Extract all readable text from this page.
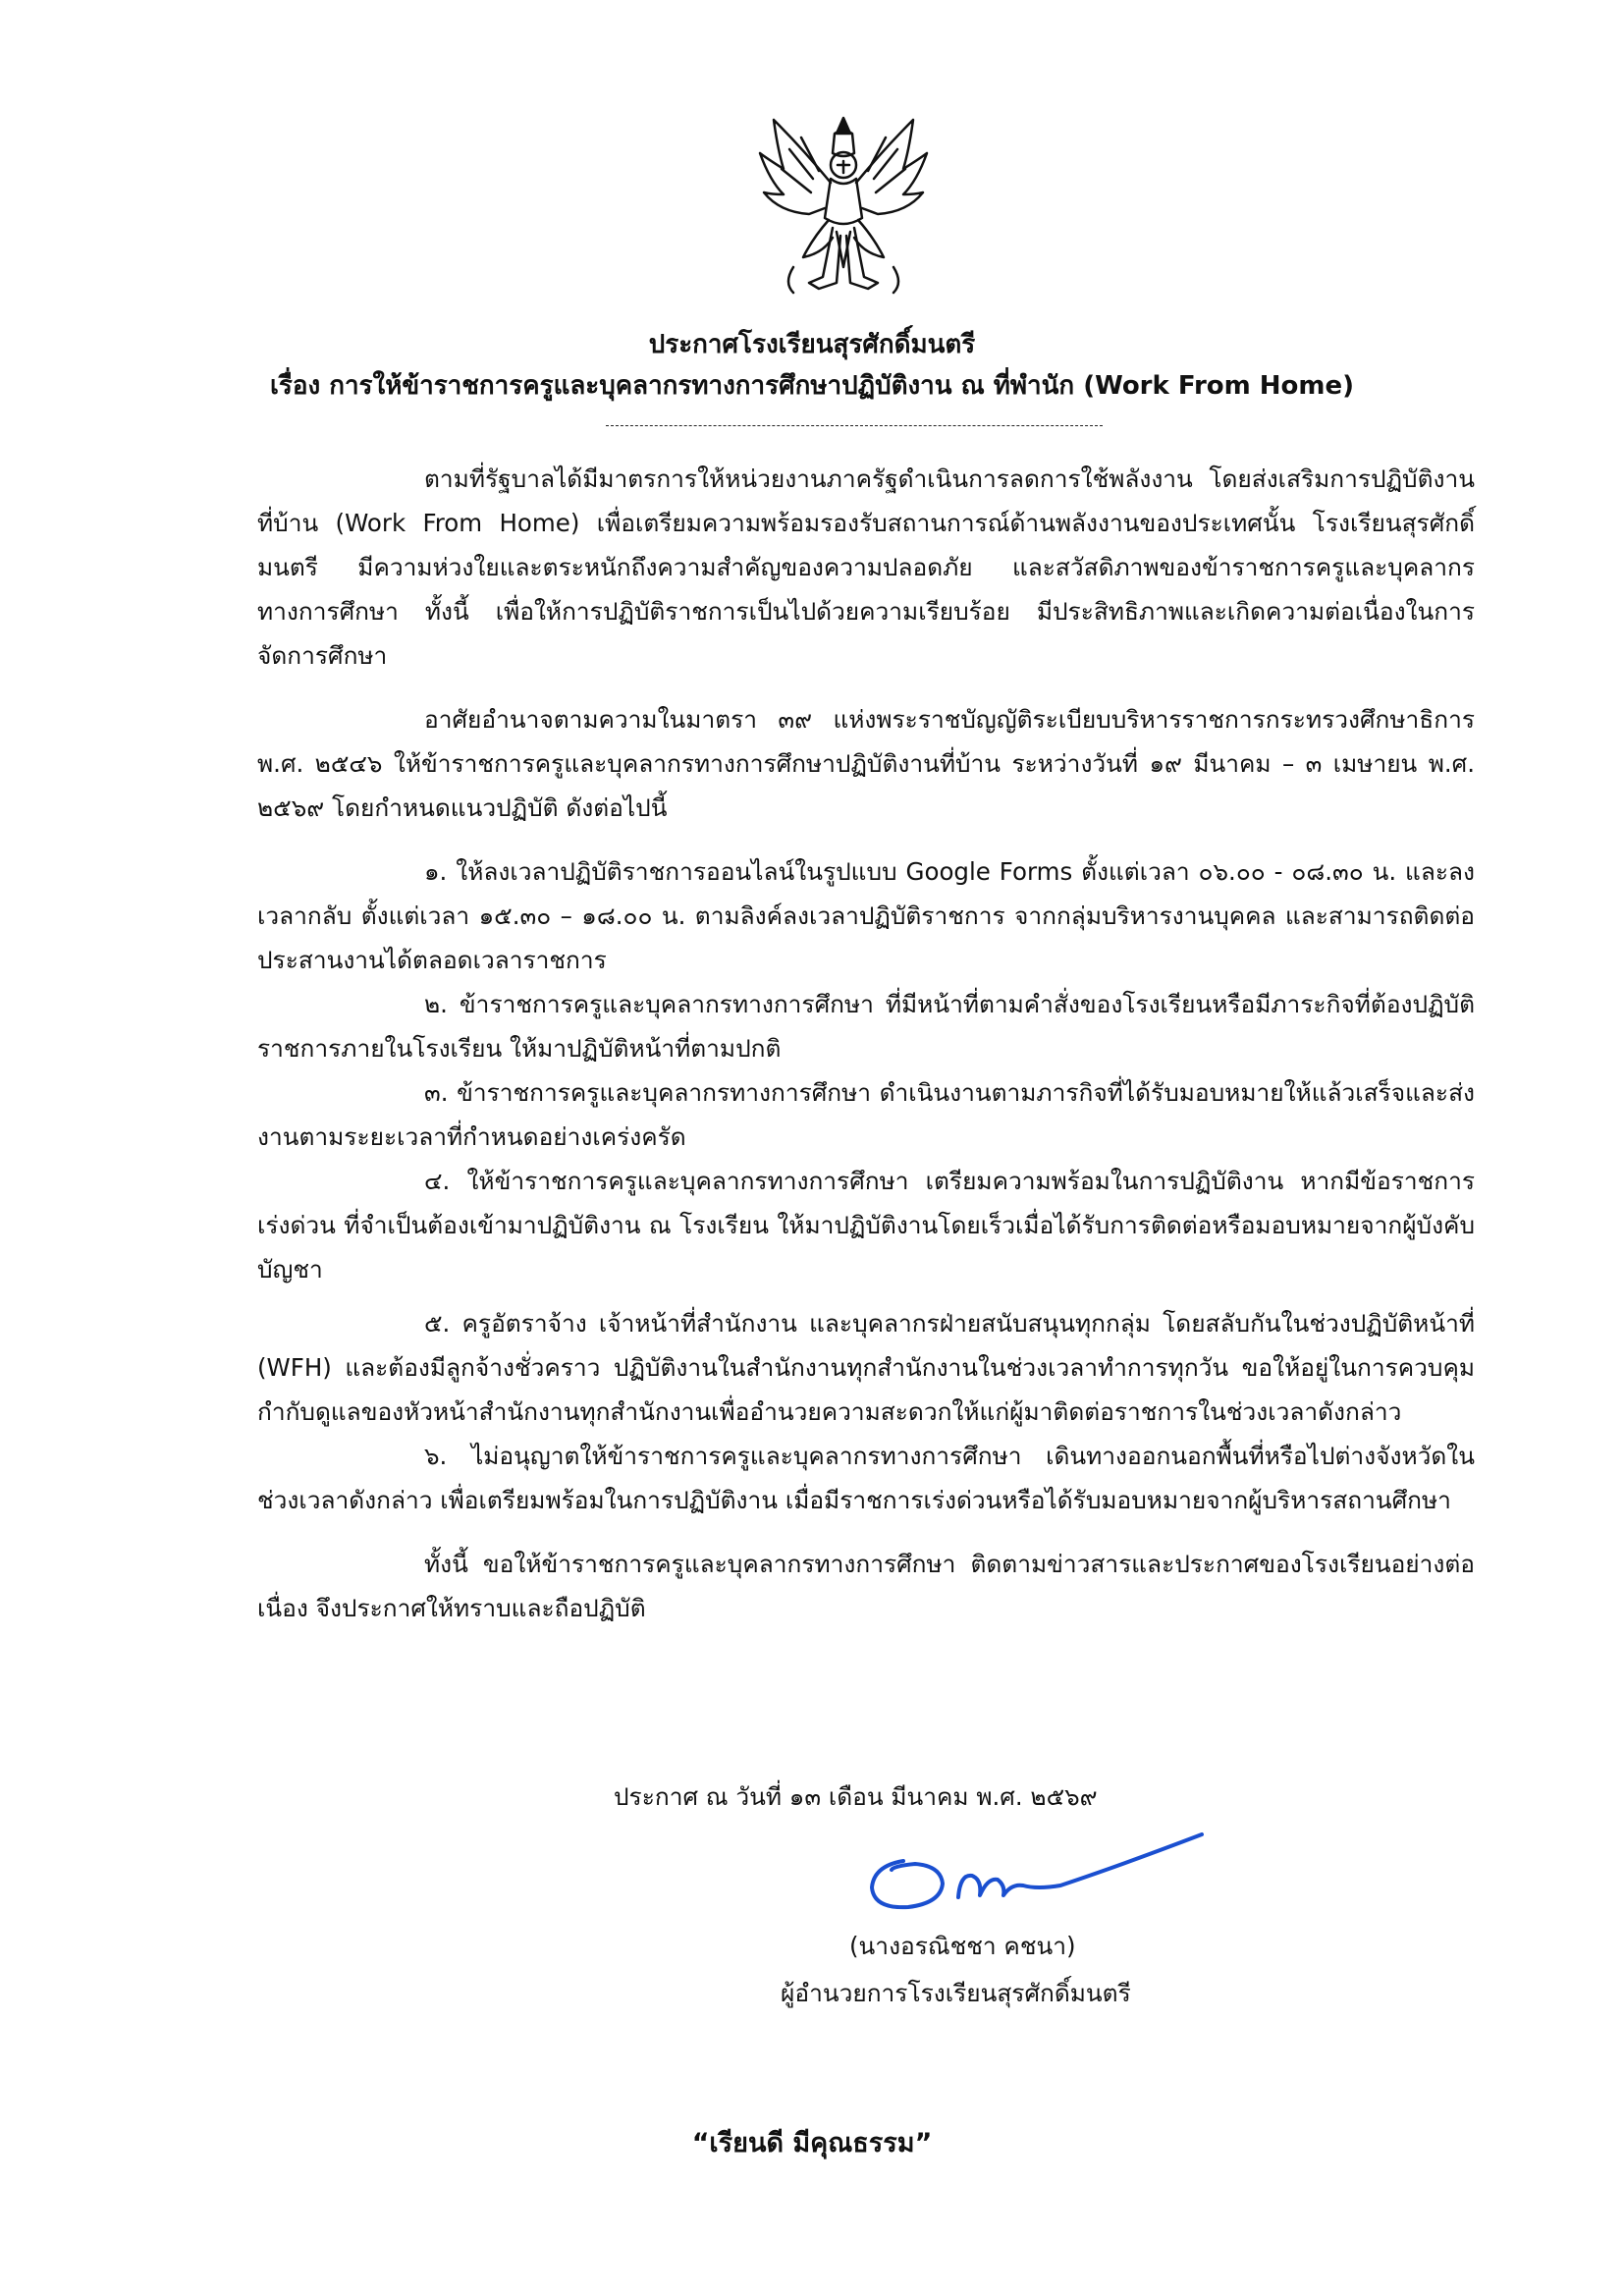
ประกาศโรงเรียนสุรศักดิ์มนตรี
เรื่อง การให้ข้าราชการครูและบุคลากรทางการศึกษาปฏิบัติงาน ณ ที่พำนัก (Work From Home)

ตามที่รัฐบาลได้มีมาตรการให้หน่วยงานภาครัฐดำเนินการลดการใช้พลังงาน โดยส่งเสริมการปฏิบัติงานที่บ้าน (Work From Home) เพื่อเตรียมความพร้อมรองรับสถานการณ์ด้านพลังงานของประเทศนั้น โรงเรียนสุรศักดิ์มนตรี มีความห่วงใยและตระหนักถึงความสำคัญของความปลอดภัย และสวัสดิภาพของข้าราชการครูและบุคลากรทางการศึกษา ทั้งนี้ เพื่อให้การปฏิบัติราชการเป็นไปด้วยความเรียบร้อย มีประสิทธิภาพและเกิดความต่อเนื่องในการจัดการศึกษา

อาศัยอำนาจตามความในมาตรา ๓๙ แห่งพระราชบัญญัติระเบียบบริหารราชการกระทรวงศึกษาธิการ พ.ศ. ๒๕๔๖ ให้ข้าราชการครูและบุคลากรทางการศึกษาปฏิบัติงานที่บ้าน ระหว่างวันที่ ๑๙ มีนาคม – ๓ เมษายน พ.ศ. ๒๕๖๙ โดยกำหนดแนวปฏิบัติ ดังต่อไปนี้

๑. ให้ลงเวลาปฏิบัติราชการออนไลน์ในรูปแบบ Google Forms ตั้งแต่เวลา ๐๖.๐๐ - ๐๘.๓๐ น. และลงเวลากลับ ตั้งแต่เวลา ๑๕.๓๐ – ๑๘.๐๐ น. ตามลิงค์ลงเวลาปฏิบัติราชการ จากกลุ่มบริหารงานบุคคล และสามารถติดต่อประสานงานได้ตลอดเวลาราชการ

๒. ข้าราชการครูและบุคลากรทางการศึกษา ที่มีหน้าที่ตามคำสั่งของโรงเรียนหรือมีภาระกิจที่ต้องปฏิบัติราชการภายในโรงเรียน ให้มาปฏิบัติหน้าที่ตามปกติ

๓. ข้าราชการครูและบุคลากรทางการศึกษา ดำเนินงานตามภารกิจที่ได้รับมอบหมายให้แล้วเสร็จและส่งงานตามระยะเวลาที่กำหนดอย่างเคร่งครัด

๔. ให้ข้าราชการครูและบุคลากรทางการศึกษา เตรียมความพร้อมในการปฏิบัติงาน หากมีข้อราชการเร่งด่วน ที่จำเป็นต้องเข้ามาปฏิบัติงาน ณ โรงเรียน ให้มาปฏิบัติงานโดยเร็วเมื่อได้รับการติดต่อหรือมอบหมายจากผู้บังคับบัญชา

๕. ครูอัตราจ้าง เจ้าหน้าที่สำนักงาน และบุคลากรฝ่ายสนับสนุนทุกกลุ่ม โดยสลับกันในช่วงปฏิบัติหน้าที่ (WFH) และต้องมีลูกจ้างชั่วคราว ปฏิบัติงานในสำนักงานทุกสำนักงานในช่วงเวลาทำการทุกวัน ขอให้อยู่ในการควบคุมกำกับดูแลของหัวหน้าสำนักงานทุกสำนักงานเพื่ออำนวยความสะดวกให้แก่ผู้มาติดต่อราชการในช่วงเวลาดังกล่าว

๖. ไม่อนุญาตให้ข้าราชการครูและบุคลากรทางการศึกษา เดินทางออกนอกพื้นที่หรือไปต่างจังหวัดในช่วงเวลาดังกล่าว เพื่อเตรียมพร้อมในการปฏิบัติงาน เมื่อมีราชการเร่งด่วนหรือได้รับมอบหมายจากผู้บริหารสถานศึกษา

ทั้งนี้ ขอให้ข้าราชการครูและบุคลากรทางการศึกษา ติดตามข่าวสารและประกาศของโรงเรียนอย่างต่อเนื่อง จึงประกาศให้ทราบและถือปฏิบัติ

ประกาศ ณ วันที่ ๑๓ เดือน มีนาคม พ.ศ. ๒๕๖๙
(นางอรณิชชา คชนา)
ผู้อำนวยการโรงเรียนสุรศักดิ์มนตรี
“เรียนดี มีคุณธรรม”
